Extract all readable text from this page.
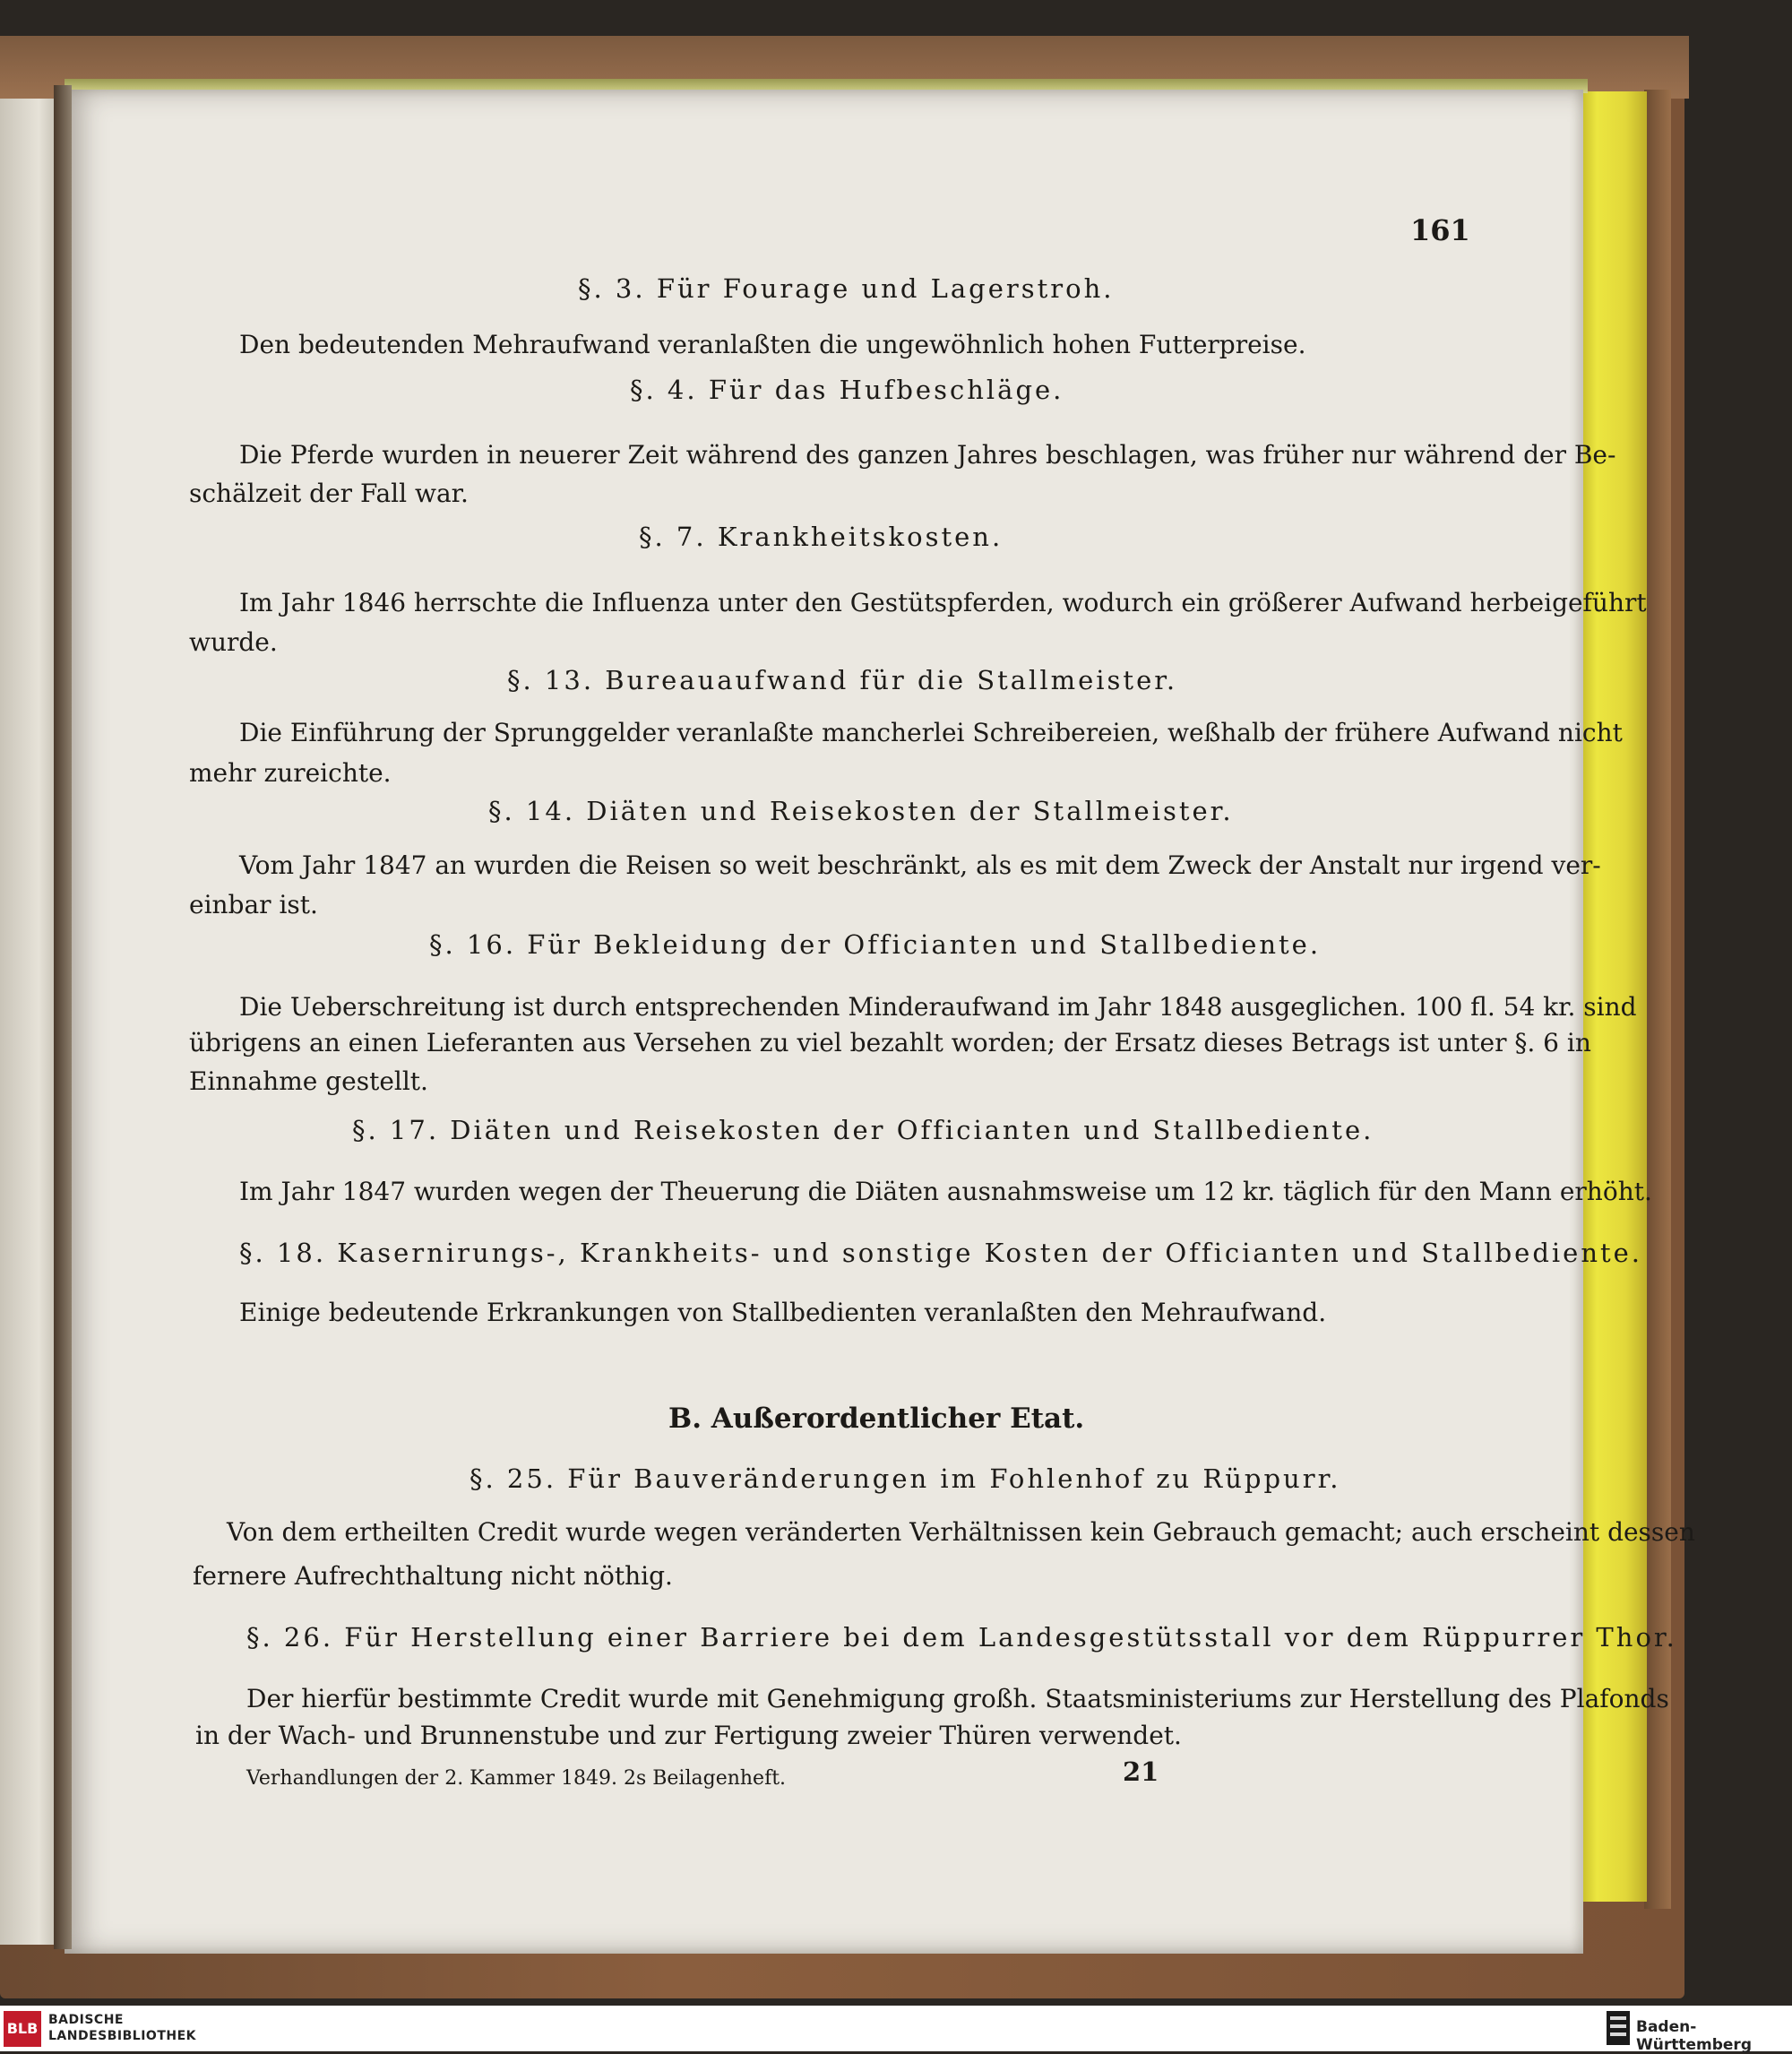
161
§. 3. Für Fourage und Lagerstroh.
Den bedeutenden Mehraufwand veranlaßten die ungewöhnlich hohen Futterpreise.
§. 4. Für das Hufbeschläge.
Die Pferde wurden in neuerer Zeit während des ganzen Jahres beschlagen, was früher nur während der Be-
schälzeit der Fall war.
§. 7. Krankheitskosten.
Im Jahr 1846 herrschte die Influenza unter den Gestütspferden, wodurch ein größerer Aufwand herbeigeführt
wurde.
§. 13. Bureauaufwand für die Stallmeister.
Die Einführung der Sprunggelder veranlaßte mancherlei Schreibereien, weßhalb der frühere Aufwand nicht
mehr zureichte.
§. 14. Diäten und Reisekosten der Stallmeister.
Vom Jahr 1847 an wurden die Reisen so weit beschränkt, als es mit dem Zweck der Anstalt nur irgend ver-
einbar ist.
§. 16. Für Bekleidung der Officianten und Stallbediente.
Die Ueberschreitung ist durch entsprechenden Minderaufwand im Jahr 1848 ausgeglichen. 100 fl. 54 kr. sind
übrigens an einen Lieferanten aus Versehen zu viel bezahlt worden; der Ersatz dieses Betrags ist unter §. 6 in
Einnahme gestellt.
§. 17. Diäten und Reisekosten der Officianten und Stallbediente.
Im Jahr 1847 wurden wegen der Theuerung die Diäten ausnahmsweise um 12 kr. täglich für den Mann erhöht.
§. 18. Kasernirungs-, Krankheits- und sonstige Kosten der Officianten und Stallbediente.
Einige bedeutende Erkrankungen von Stallbedienten veranlaßten den Mehraufwand.
B. Außerordentlicher Etat.
§. 25. Für Bauveränderungen im Fohlenhof zu Rüppurr.
Von dem ertheilten Credit wurde wegen veränderten Verhältnissen kein Gebrauch gemacht; auch erscheint dessen
fernere Aufrechthaltung nicht nöthig.
§. 26. Für Herstellung einer Barriere bei dem Landesgestütsstall vor dem Rüppurrer Thor.
Der hierfür bestimmte Credit wurde mit Genehmigung großh. Staatsministeriums zur Herstellung des Plafonds
in der Wach- und Brunnenstube und zur Fertigung zweier Thüren verwendet.
Verhandlungen der 2. Kammer 1849. 2s Beilagenheft.	21
BLB BADISCHE
LANDESBIBLIOTHEK	Baden-Württemberg
